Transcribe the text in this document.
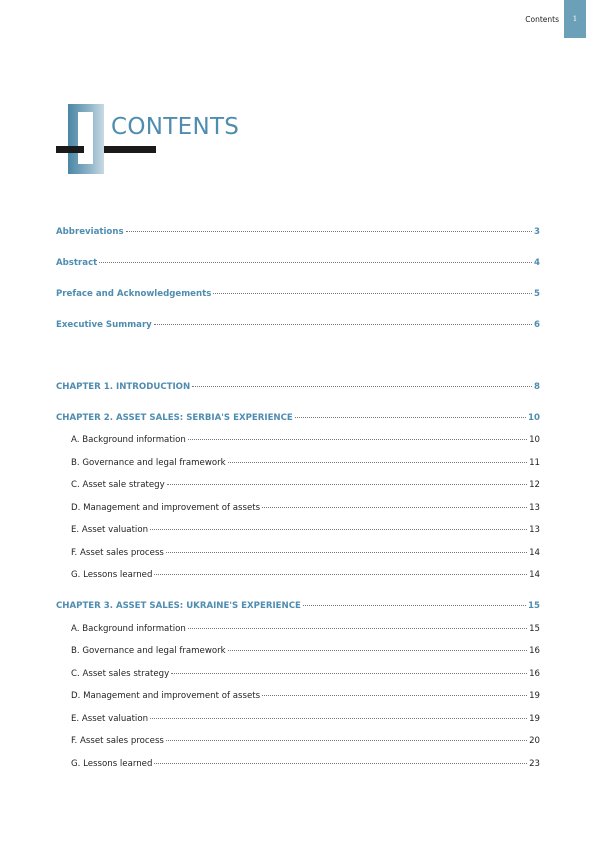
Contents 1
CONTENTS
Abbreviations	3
Abstract	4
Preface and Acknowledgements	5
Executive Summary	6
CHAPTER 1. INTRODUCTION	8
CHAPTER 2. ASSET SALES: SERBIA'S EXPERIENCE	10
A. Background information	10
B. Governance and legal framework	11
C. Asset sale strategy	12
D. Management and improvement of assets	13
E. Asset valuation	13
F. Asset sales process	14
G. Lessons learned	14
CHAPTER 3. ASSET SALES: UKRAINE'S EXPERIENCE	15
A. Background information	15
B. Governance and legal framework	16
C. Asset sales strategy	16
D. Management and improvement of assets	19
E. Asset valuation	19
F. Asset sales process	20
G. Lessons learned	23
